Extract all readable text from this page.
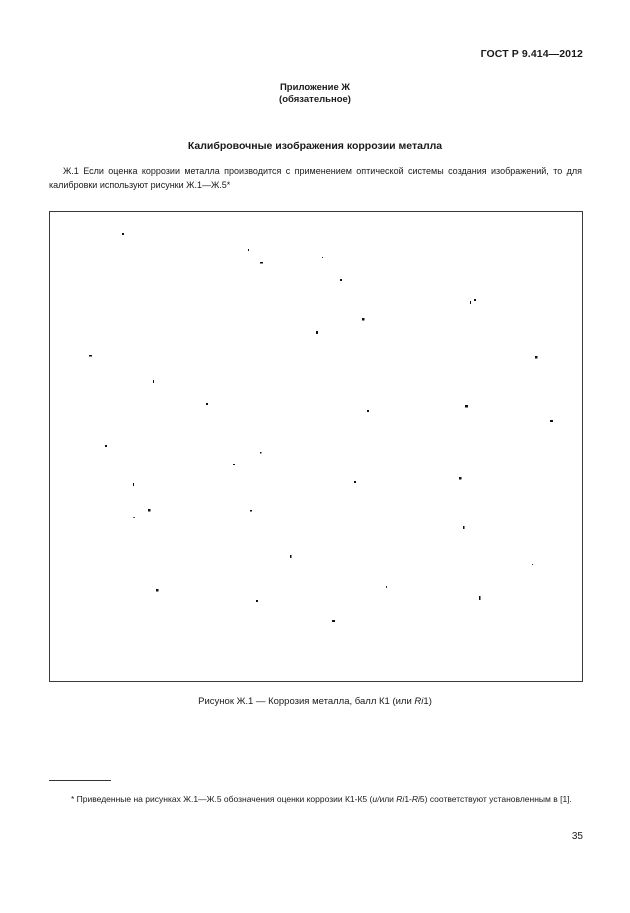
ГОСТ Р 9.414—2012
Приложение Ж
(обязательное)
Калибровочные изображения коррозии металла
Ж.1 Если оценка коррозии металла производится с применением оптической системы создания изображений, то для калибровки используют рисунки Ж.1—Ж.5*
Рисунок Ж.1 — Коррозия металла, балл К1 (или Ri1)
* Приведенные на рисунках Ж.1—Ж.5 обозначения оценки коррозии К1-К5 (и/или Ri1-Ri5) соответствуют установленным в [1].
35
